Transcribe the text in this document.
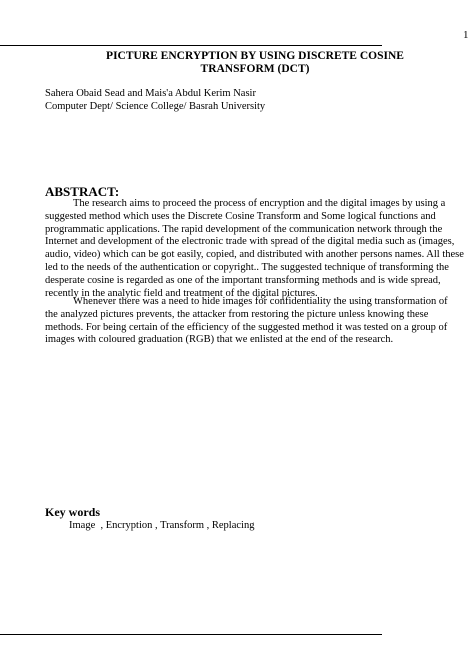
1
PICTURE ENCRYPTION BY USING DISCRETE COSINE
TRANSFORM (DCT)
Sahera Obaid Sead and Mais'a Abdul Kerim Nasir
Computer Dept/ Science College/ Basrah University
ABSTRACT:
The research aims to proceed the process of encryption and the digital images by using a
suggested method which uses the Discrete Cosine Transform and Some logical functions and
programmatic applications. The rapid development of the communication network through the
Internet and development of the electronic trade with spread of the digital media such as (images,
audio, video) which can be got easily, copied, and distributed with another persons names. All these
led to the needs of the authentication or copyright.. The suggested technique of transforming the
desperate cosine is regarded as one of the important transforming methods and is wide spread,
recently in the analytic field and treatment of the digital pictures.
Whenever there was a need to hide images for confidentiality the using transformation of
the analyzed pictures prevents, the attacker from restoring the picture unless knowing these
methods. For being certain of the efficiency of the suggested method it was tested on a group of
images with coloured graduation (RGB) that we enlisted at the end of the research.
Key words
Image  , Encryption , Transform , Replacing
